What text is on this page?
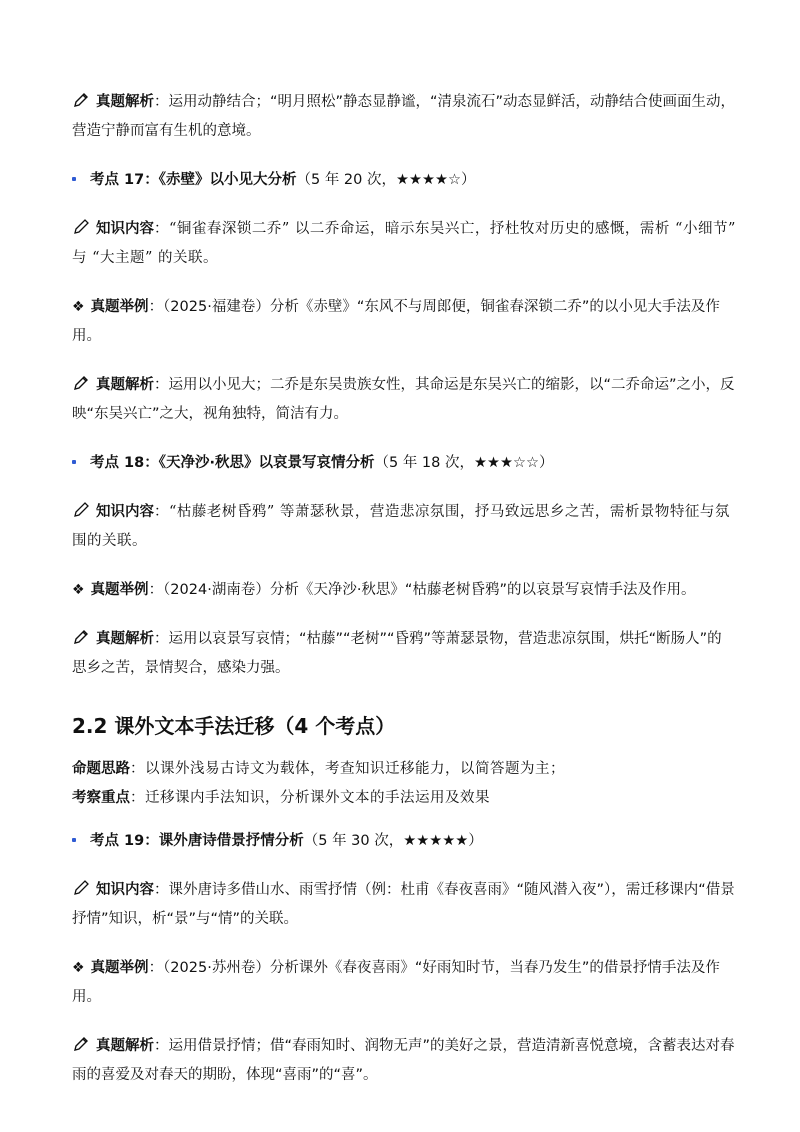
真题解析：运用动静结合；“明月照松”静态显静谧，“清泉流石”动态显鲜活，动静结合使画面生动，营造宁静而富有生机的意境。

考点 17：《赤壁》以小见大分析（5 年 20 次，★★★★☆）

知识内容：“铜雀春深锁二乔” 以二乔命运，暗示东吴兴亡，抒杜牧对历史的感慨，需析 “小细节” 与 “大主题” 的关联。

❖ 真题举例：（2025·福建卷）分析《赤壁》“东风不与周郎便，铜雀春深锁二乔”的以小见大手法及作用。

真题解析：运用以小见大；二乔是东吴贵族女性，其命运是东吴兴亡的缩影，以“二乔命运”之小，反映“东吴兴亡”之大，视角独特，简洁有力。

考点 18：《天净沙·秋思》以哀景写哀情分析（5 年 18 次，★★★☆☆）

知识内容：“枯藤老树昏鸦” 等萧瑟秋景，营造悲凉氛围，抒马致远思乡之苦，需析景物特征与氛围的关联。

❖ 真题举例：（2024·湖南卷）分析《天净沙·秋思》“枯藤老树昏鸦”的以哀景写哀情手法及作用。

真题解析：运用以哀景写哀情；“枯藤”“老树”“昏鸦”等萧瑟景物，营造悲凉氛围，烘托“断肠人”的思乡之苦，景情契合，感染力强。

2.2 课外文本手法迁移（4 个考点）

命题思路：以课外浅易古诗文为载体，考查知识迁移能力，以简答题为主；

考察重点：迁移课内手法知识，分析课外文本的手法运用及效果

考点 19：课外唐诗借景抒情分析（5 年 30 次，★★★★★）

知识内容：课外唐诗多借山水、雨雪抒情（例：杜甫《春夜喜雨》“随风潜入夜”），需迁移课内“借景抒情”知识，析“景”与“情”的关联。

❖ 真题举例：（2025·苏州卷）分析课外《春夜喜雨》“好雨知时节，当春乃发生”的借景抒情手法及作用。

真题解析：运用借景抒情；借“春雨知时、润物无声”的美好之景，营造清新喜悦意境，含蓄表达对春雨的喜爱及对春天的期盼，体现“喜雨”的“喜”。
